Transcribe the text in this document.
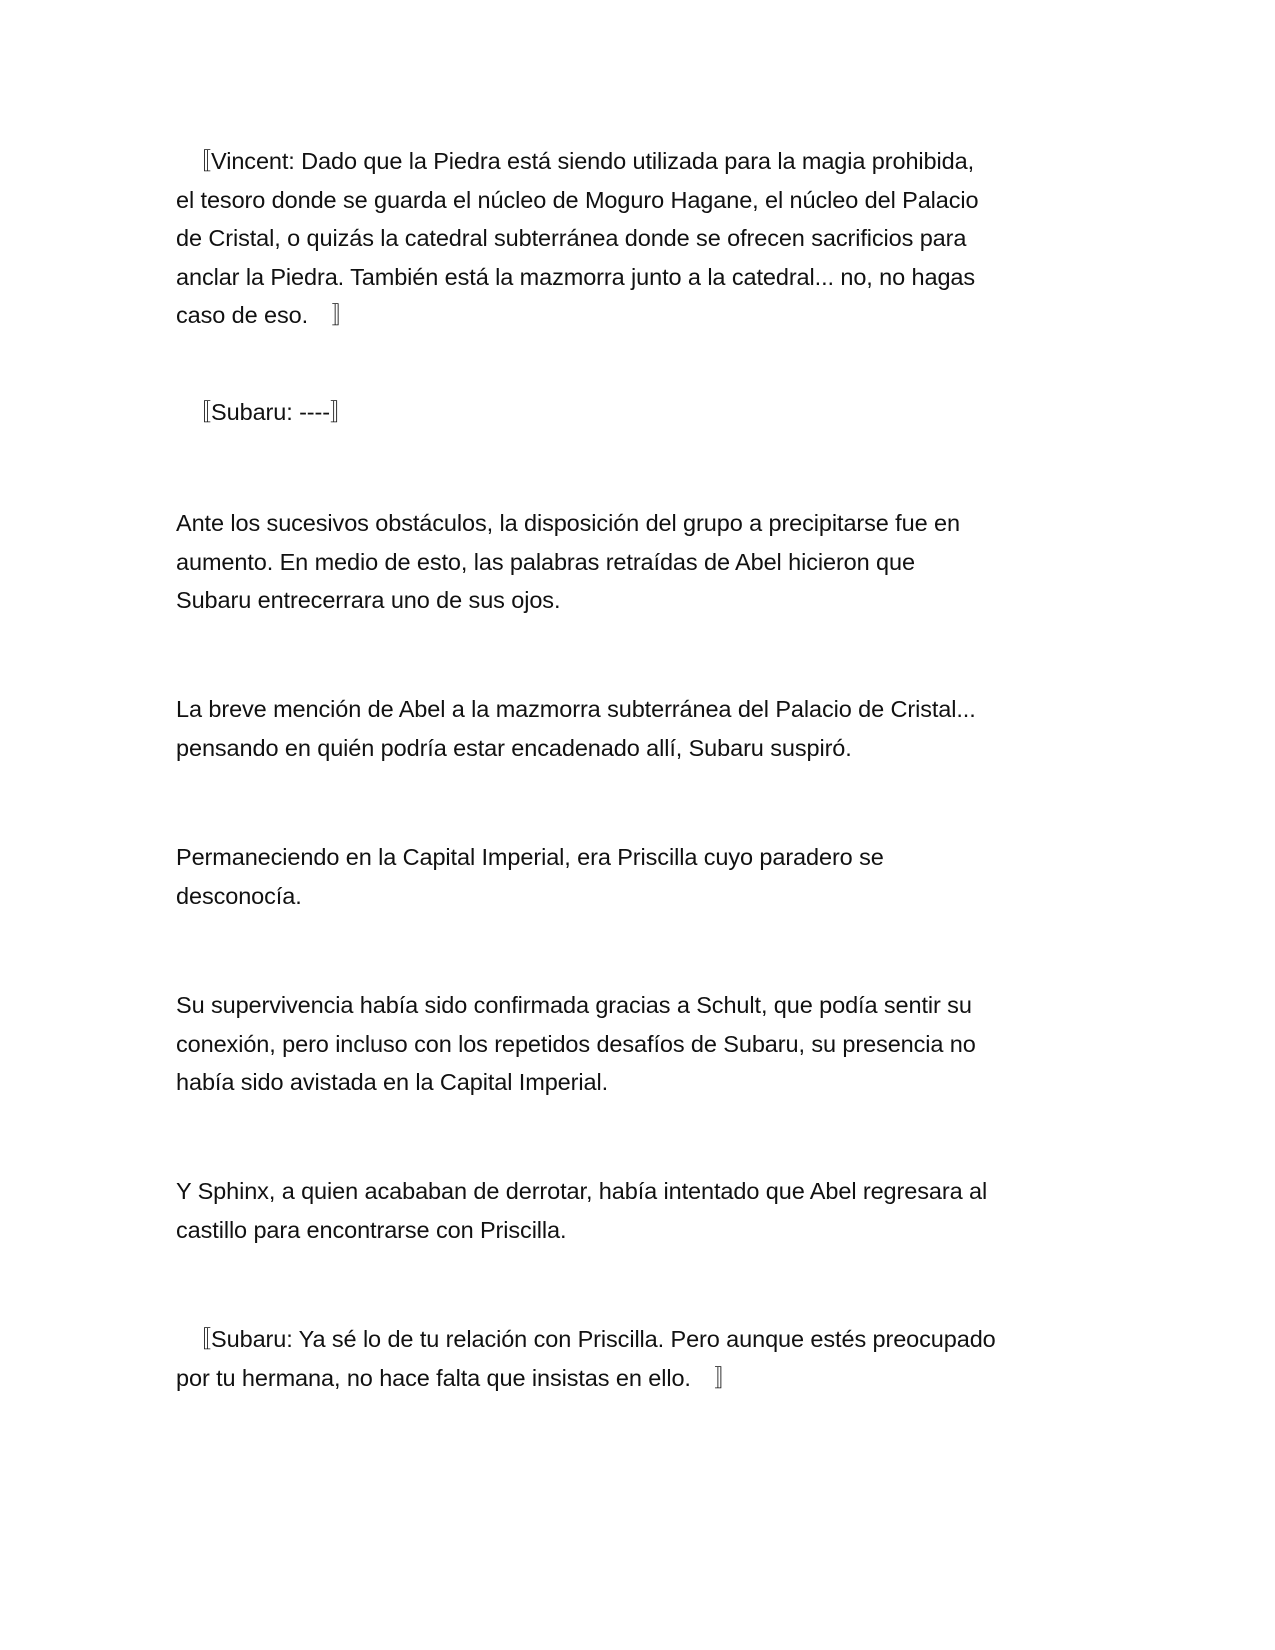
　〚Vincent: Dado que la Piedra está siendo utilizada para la magia prohibida,
el tesoro donde se guarda el núcleo de Moguro Hagane, el núcleo del Palacio
de Cristal, o quizás la catedral subterránea donde se ofrecen sacrificios para
anclar la Piedra. También está la mazmorra junto a la catedral... no, no hagas
caso de eso.　〛

　〚Subaru: ----〛

Ante los sucesivos obstáculos, la disposición del grupo a precipitarse fue en
aumento. En medio de esto, las palabras retraídas de Abel hicieron que
Subaru entrecerrara uno de sus ojos.

La breve mención de Abel a la mazmorra subterránea del Palacio de Cristal...
pensando en quién podría estar encadenado allí, Subaru suspiró.

Permaneciendo en la Capital Imperial, era Priscilla cuyo paradero se
desconocía.

Su supervivencia había sido confirmada gracias a Schult, que podía sentir su
conexión, pero incluso con los repetidos desafíos de Subaru, su presencia no
había sido avistada en la Capital Imperial.

Y Sphinx, a quien acababan de derrotar, había intentado que Abel regresara al
castillo para encontrarse con Priscilla.

　〚Subaru: Ya sé lo de tu relación con Priscilla. Pero aunque estés preocupado
por tu hermana, no hace falta que insistas en ello.　〛
